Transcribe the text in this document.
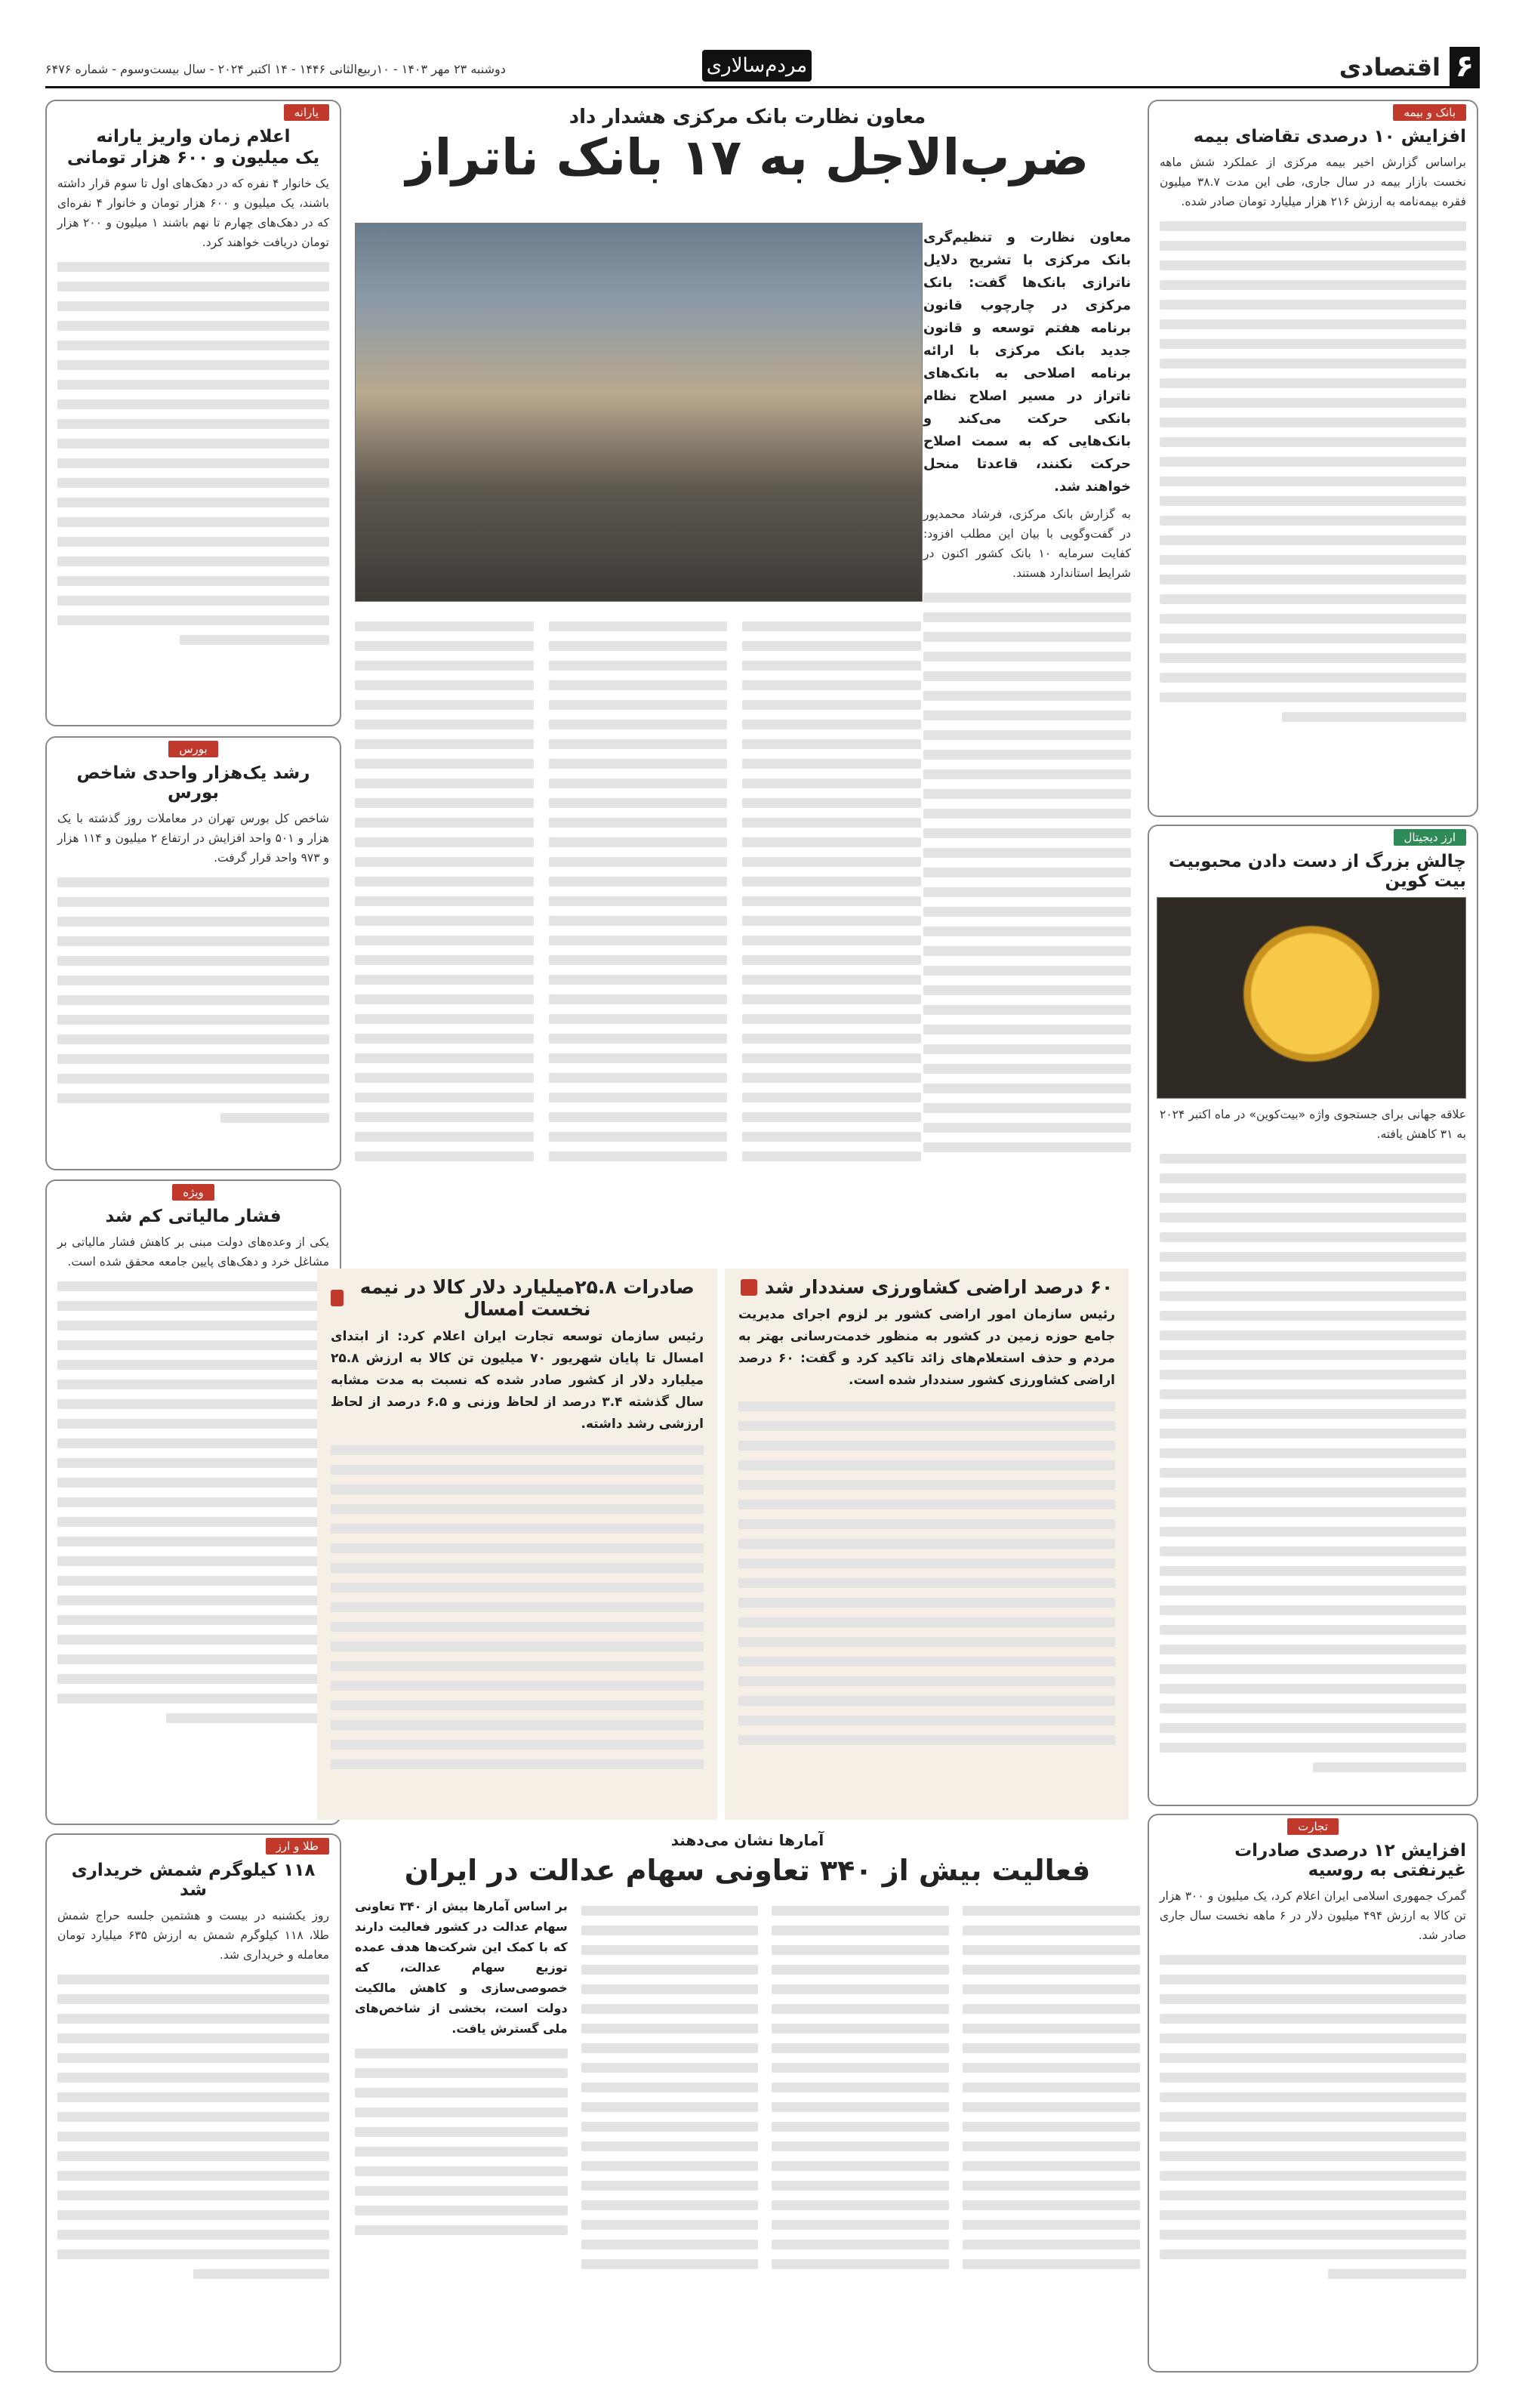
۶
اقتصادی
مردم‌سالاری
دوشنبه ۲۳ مهر ۱۴۰۳ - ۱۰ربیع‌الثانی ۱۴۴۶ - ۱۴ اکتبر ۲۰۲۴ - سال بیست‌وسوم - شماره ۶۴۷۶
بانک و بیمه
افزایش ۱۰ درصدی تقاضای بیمه
براساس گزارش اخیر بیمه مرکزی از عملکرد شش ماهه نخست بازار بیمه در سال جاری، طی این مدت ۳۸.۷ میلیون فقره بیمه‌نامه به ارزش ۲۱۶ هزار میلیارد تومان صادر شده.
ارز دیجیتال
چالش بزرگ از دست دادن محبوبیت بیت کوین
علاقه جهانی برای جستجوی واژه «بیت‌کوین» در ماه اکتبر ۲۰۲۴ به ۳۱ کاهش یافته.
تجارت
افزایش ۱۲ درصدی صادرات غیرنفتی به روسیه
گمرک جمهوری اسلامی ایران اعلام کرد، یک میلیون و ۳۰۰ هزار تن کالا به ارزش ۴۹۴ میلیون دلار در ۶ ماهه نخست سال جاری صادر شد.
یارانه
اعلام زمان واریز یارانه
یک میلیون و ۶۰۰ هزار تومانی
یک خانوار ۴ نفره که در دهک‌های اول تا سوم قرار داشته باشند، یک میلیون و ۶۰۰ هزار تومان و خانوار ۴ نفره‌ای که در دهک‌های چهارم تا نهم باشند ۱ میلیون و ۲۰۰ هزار تومان دریافت خواهند کرد.
بورس
رشد یک‌هزار واحدی شاخص بورس
شاخص کل بورس تهران در معاملات روز گذشته با یک هزار و ۵۰۱ واحد افزایش در ارتفاع ۲ میلیون و ۱۱۴ هزار و ۹۷۳ واحد قرار گرفت.
ویژه
فشار مالیاتی کم شد
یکی از وعده‌های دولت مبنی بر کاهش فشار مالیاتی بر مشاغل خرد و دهک‌های پایین جامعه محقق شده است.
طلا و ارز
۱۱۸ کیلوگرم شمش خریداری شد
روز یکشنبه در بیست و هشتمین جلسه حراج شمش طلا، ۱۱۸ کیلوگرم شمش به ارزش ۶۳۵ میلیارد تومان معامله و خریداری شد.
معاون نظارت بانک مرکزی هشدار داد
ضرب‌الاجل به ۱۷ بانک ناتراز
معاون نظارت و تنظیم‌گری بانک مرکزی با تشریح دلایل ناترازی بانک‌ها گفت: بانک مرکزی در چارچوب قانون برنامه هفتم توسعه و قانون جدید بانک مرکزی با ارائه برنامه اصلاحی به بانک‌های ناتراز در مسیر اصلاح نظام بانکی حرکت می‌کند و بانک‌هایی که به سمت اصلاح حرکت نکنند، قاعدتا منحل خواهند شد.
به گزارش بانک مرکزی، فرشاد محمدپور در گفت‌وگویی با بیان این مطلب افزود: کفایت سرمایه ۱۰ بانک کشور اکنون در شرایط استاندارد هستند.
صادرات ۲۵.۸میلیارد دلار کالا در نیمه نخست امسال
رئیس سازمان توسعه تجارت ایران اعلام کرد: از ابتدای امسال تا پایان شهریور ۷۰ میلیون تن کالا به ارزش ۲۵.۸ میلیارد دلار از کشور صادر شده که نسبت به مدت مشابه سال گذشته ۳.۴ درصد از لحاظ وزنی و ۶.۵ درصد از لحاظ ارزشی رشد داشته.
۶۰ درصد اراضی کشاورزی سنددار شد
رئیس سازمان امور اراضی کشور بر لزوم اجرای مدیریت جامع حوزه زمین در کشور به منظور خدمت‌رسانی بهتر به مردم و حذف استعلام‌های زائد تاکید کرد و گفت: ۶۰ درصد اراضی کشاورزی کشور سنددار شده است.
آمارها نشان می‌دهند
فعالیت بیش از ۳۴۰ تعاونی سهام عدالت در ایران
بر اساس آمارها بیش از ۳۴۰ تعاونی سهام عدالت در کشور فعالیت دارند که با کمک این شرکت‌ها هدف عمده توزیع سهام عدالت، که خصوصی‌سازی و کاهش مالکیت دولت است، بخشی از شاخص‌های ملی گسترش یافت.
